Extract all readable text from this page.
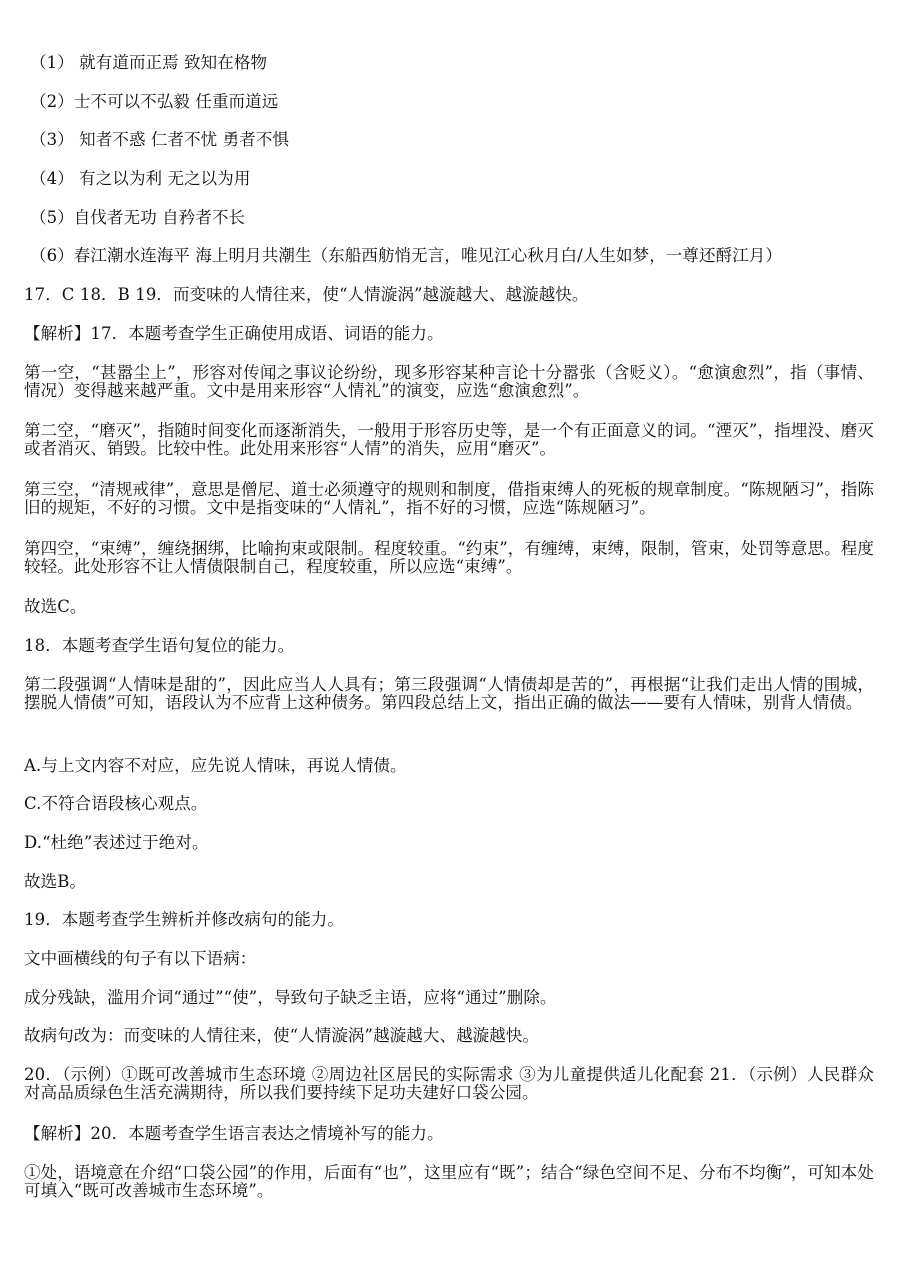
（1） 就有道而正焉 致知在格物
（2）士不可以不弘毅 任重而道远
（3） 知者不惑 仁者不忧 勇者不惧
（4） 有之以为利 无之以为用
（5）自伐者无功 自矜者不长
（6）春江潮水连海平 海上明月共潮生（东船西舫悄无言，唯见江心秋月白/人生如梦，一尊还酹江月）
17．C 18．B 19．而变味的人情往来，使“人情漩涡”越漩越大、越漩越快。
【解析】17．本题考查学生正确使用成语、词语的能力。
第一空，“甚嚣尘上”，形容对传闻之事议论纷纷，现多形容某种言论十分嚣张（含贬义）。“愈演愈烈”，指（事情、情况）变得越来越严重。文中是用来形容“人情礼”的演变，应选“愈演愈烈”。
第二空，“磨灭”，指随时间变化而逐渐消失，一般用于形容历史等，是一个有正面意义的词。“湮灭”，指埋没、磨灭或者消灭、销毁。比较中性。此处用来形容“人情”的消失，应用“磨灭”。
第三空，“清规戒律”，意思是僧尼、道士必须遵守的规则和制度，借指束缚人的死板的规章制度。“陈规陋习”，指陈旧的规矩，不好的习惯。文中是指变味的“人情礼”，指不好的习惯，应选“陈规陋习”。
第四空，“束缚”，缠绕捆绑，比喻拘束或限制。程度较重。“约束”，有缠缚，束缚，限制，管束，处罚等意思。程度较轻。此处形容不让人情债限制自己，程度较重，所以应选“束缚”。
故选C。
18．本题考查学生语句复位的能力。
第二段强调“人情味是甜的”，因此应当人人具有；第三段强调“人情债却是苦的”，再根据“让我们走出人情的围城，摆脱人情债”可知，语段认为不应背上这种债务。第四段总结上文，指出正确的做法——要有人情味，别背人情债。
A.与上文内容不对应，应先说人情味，再说人情债。
C.不符合语段核心观点。
D.“杜绝”表述过于绝对。
故选B。
19．本题考查学生辨析并修改病句的能力。
文中画横线的句子有以下语病：
成分残缺，滥用介词“通过”“使”，导致句子缺乏主语，应将“通过”删除。
故病句改为：而变味的人情往来，使“人情漩涡”越漩越大、越漩越快。
20．（示例）①既可改善城市生态环境 ②周边社区居民的实际需求 ③为儿童提供适儿化配套 21．（示例）人民群众对高品质绿色生活充满期待，所以我们要持续下足功夫建好口袋公园。
【解析】20．本题考查学生语言表达之情境补写的能力。
①处，语境意在介绍“口袋公园”的作用，后面有“也”，这里应有“既”；结合“绿色空间不足、分布不均衡”，可知本处可填入“既可改善城市生态环境”。
